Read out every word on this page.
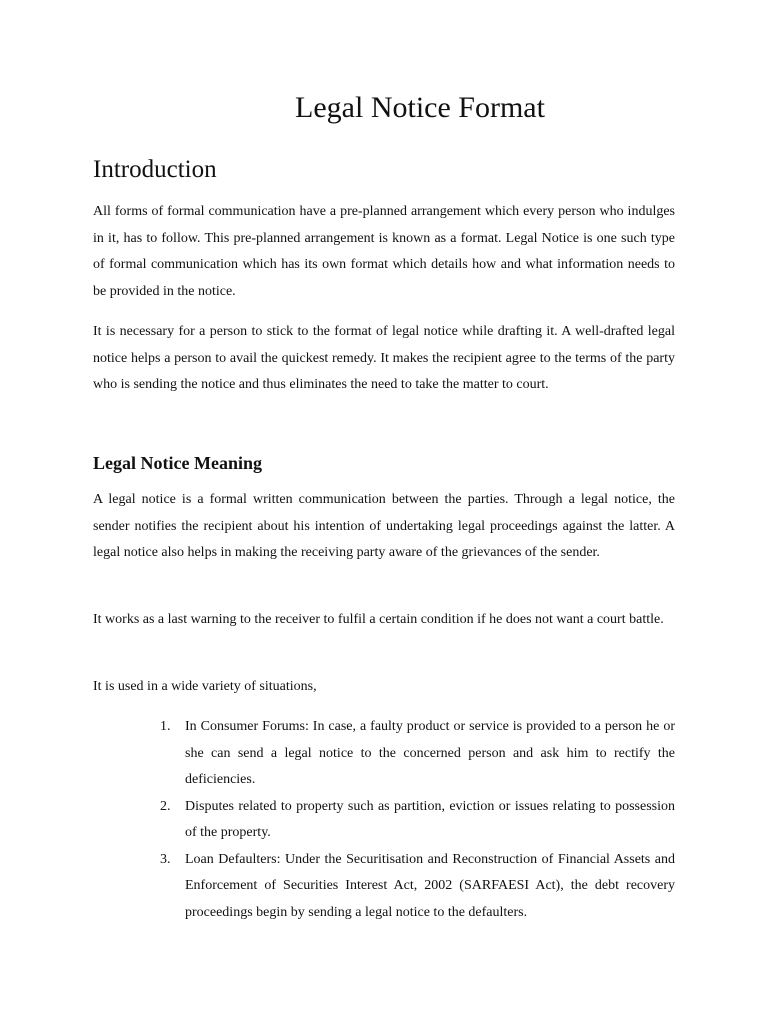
Legal Notice Format
Introduction

All forms of formal communication have a pre-planned arrangement which every person who indulges in it, has to follow. This pre-planned arrangement is known as a format. Legal Notice is one such type of formal communication which has its own format which details how and what information needs to be provided in the notice.

It is necessary for a person to stick to the format of legal notice while drafting it. A well-drafted legal notice helps a person to avail the quickest remedy. It makes the recipient agree to the terms of the party who is sending the notice and thus eliminates the need to take the matter to court.

Legal Notice Meaning

A legal notice is a formal written communication between the parties. Through a legal notice, the sender notifies the recipient about his intention of undertaking legal proceedings against the latter. A legal notice also helps in making the receiving party aware of the grievances of the sender.

It works as a last warning to the receiver to fulfil a certain condition if he does not want a court battle.

It is used in a wide variety of situations,

1. In Consumer Forums: In case, a faulty product or service is provided to a person he or she can send a legal notice to the concerned person and ask him to rectify the deficiencies.
2. Disputes related to property such as partition, eviction or issues relating to possession of the property.
3. Loan Defaulters: Under the Securitisation and Reconstruction of Financial Assets and Enforcement of Securities Interest Act, 2002 (SARFAESI Act), the debt recovery proceedings begin by sending a legal notice to the defaulters.
